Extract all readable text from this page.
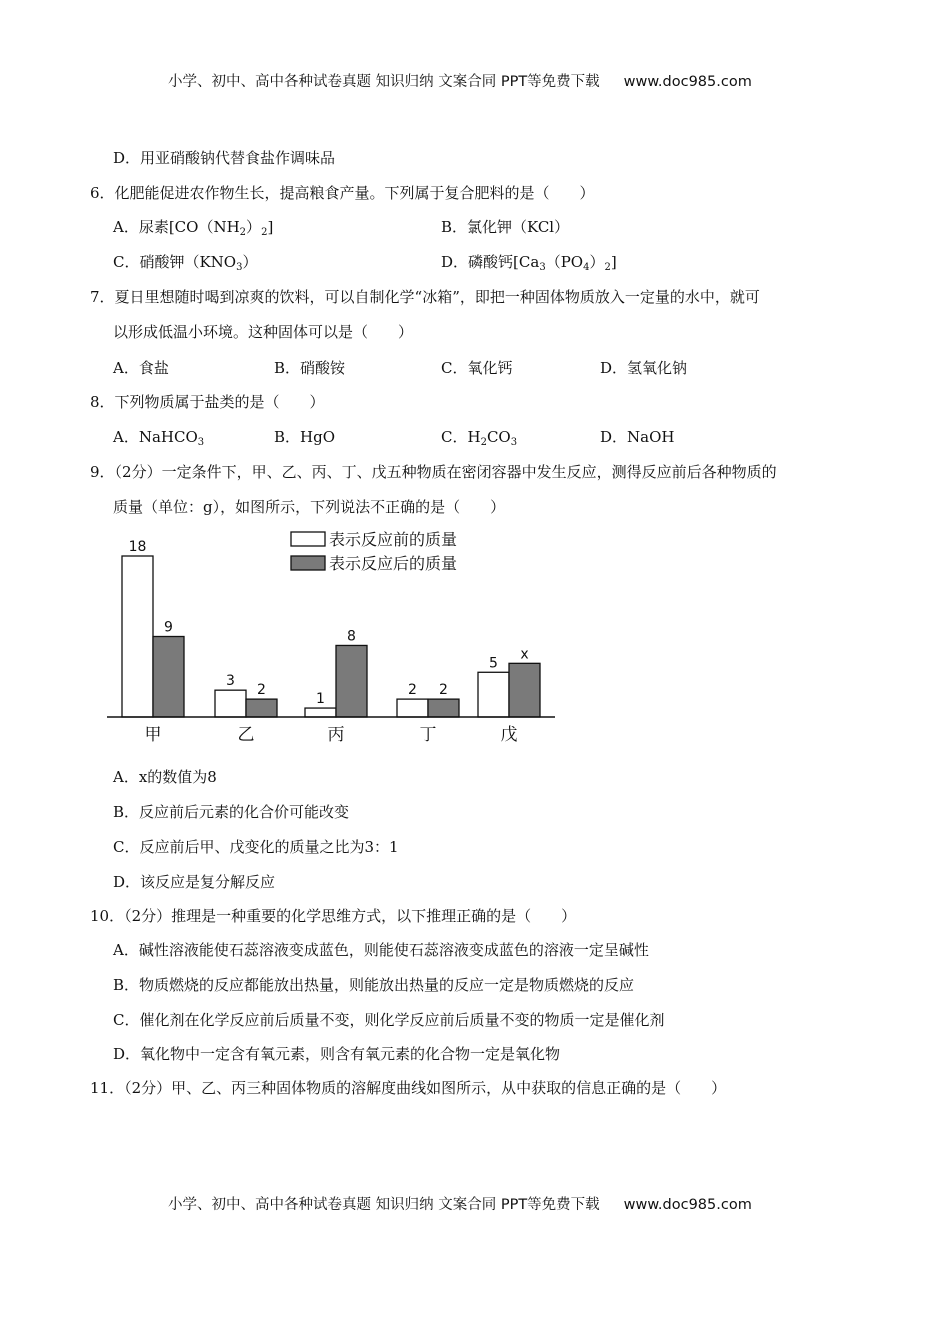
小学、初中、高中各种试卷真题 知识归纳 文案合同 PPT等免费下载 www.doc985.com
D．用亚硝酸钠代替食盐作调味品
6．化肥能促进农作物生长，提高粮食产量。下列属于复合肥料的是（　　）
A．尿素$[CO(NH_2)_2]$	B．氯化钾（KCl）
C．硝酸钾$(KNO_3)$	D．磷酸钙$[Ca_3(PO_4)_2]$
7．夏日里想随时喝到凉爽的饮料，可以自制化学“冰箱”，即把一种固体物质放入一定量的水中，就可
以形成低温小环境。这种固体可以是（　　）
A．食盐	B．硝酸铵	C．氧化钙	D．氢氧化钠
8．下列物质属于盐类的是（　　）
A．NaHCO$_3$	B．HgO	C．$H_2CO_3$	D．NaOH
9．（2分）一定条件下，甲、乙、丙、丁、戊五种物质在密闭容器中发生反应，测得反应前后各种物质的
质量（单位：g），如图所示，下列说法不正确的是（　　）
表示反应前的质量
表示反应后的质量
18
9
甲
3
2
乙
1
8
丙
2 2
丁
5
x
戊
A．x的数值为8
B．反应前后元素的化合价可能改变
C．反应前后甲、戊变化的质量之比为3：1
D．该反应是复分解反应
10．（2分）推理是一种重要的化学思维方式，以下推理正确的是（　　）
A．碱性溶液能使石蕊溶液变成蓝色，则能使石蕊溶液变成蓝色的溶液一定呈碱性
B．物质燃烧的反应都能放出热量，则能放出热量的反应一定是物质燃烧的反应
C．催化剂在化学反应前后质量不变，则化学反应前后质量不变的物质一定是催化剂
D．氧化物中一定含有氧元素，则含有氧元素的化合物一定是氧化物
11．（2分）甲、乙、丙三种固体物质的溶解度曲线如图所示，从中获取的信息正确的是（　　）
小学、初中、高中各种试卷真题 知识归纳 文案合同 PPT等免费下载 www.doc985.com
